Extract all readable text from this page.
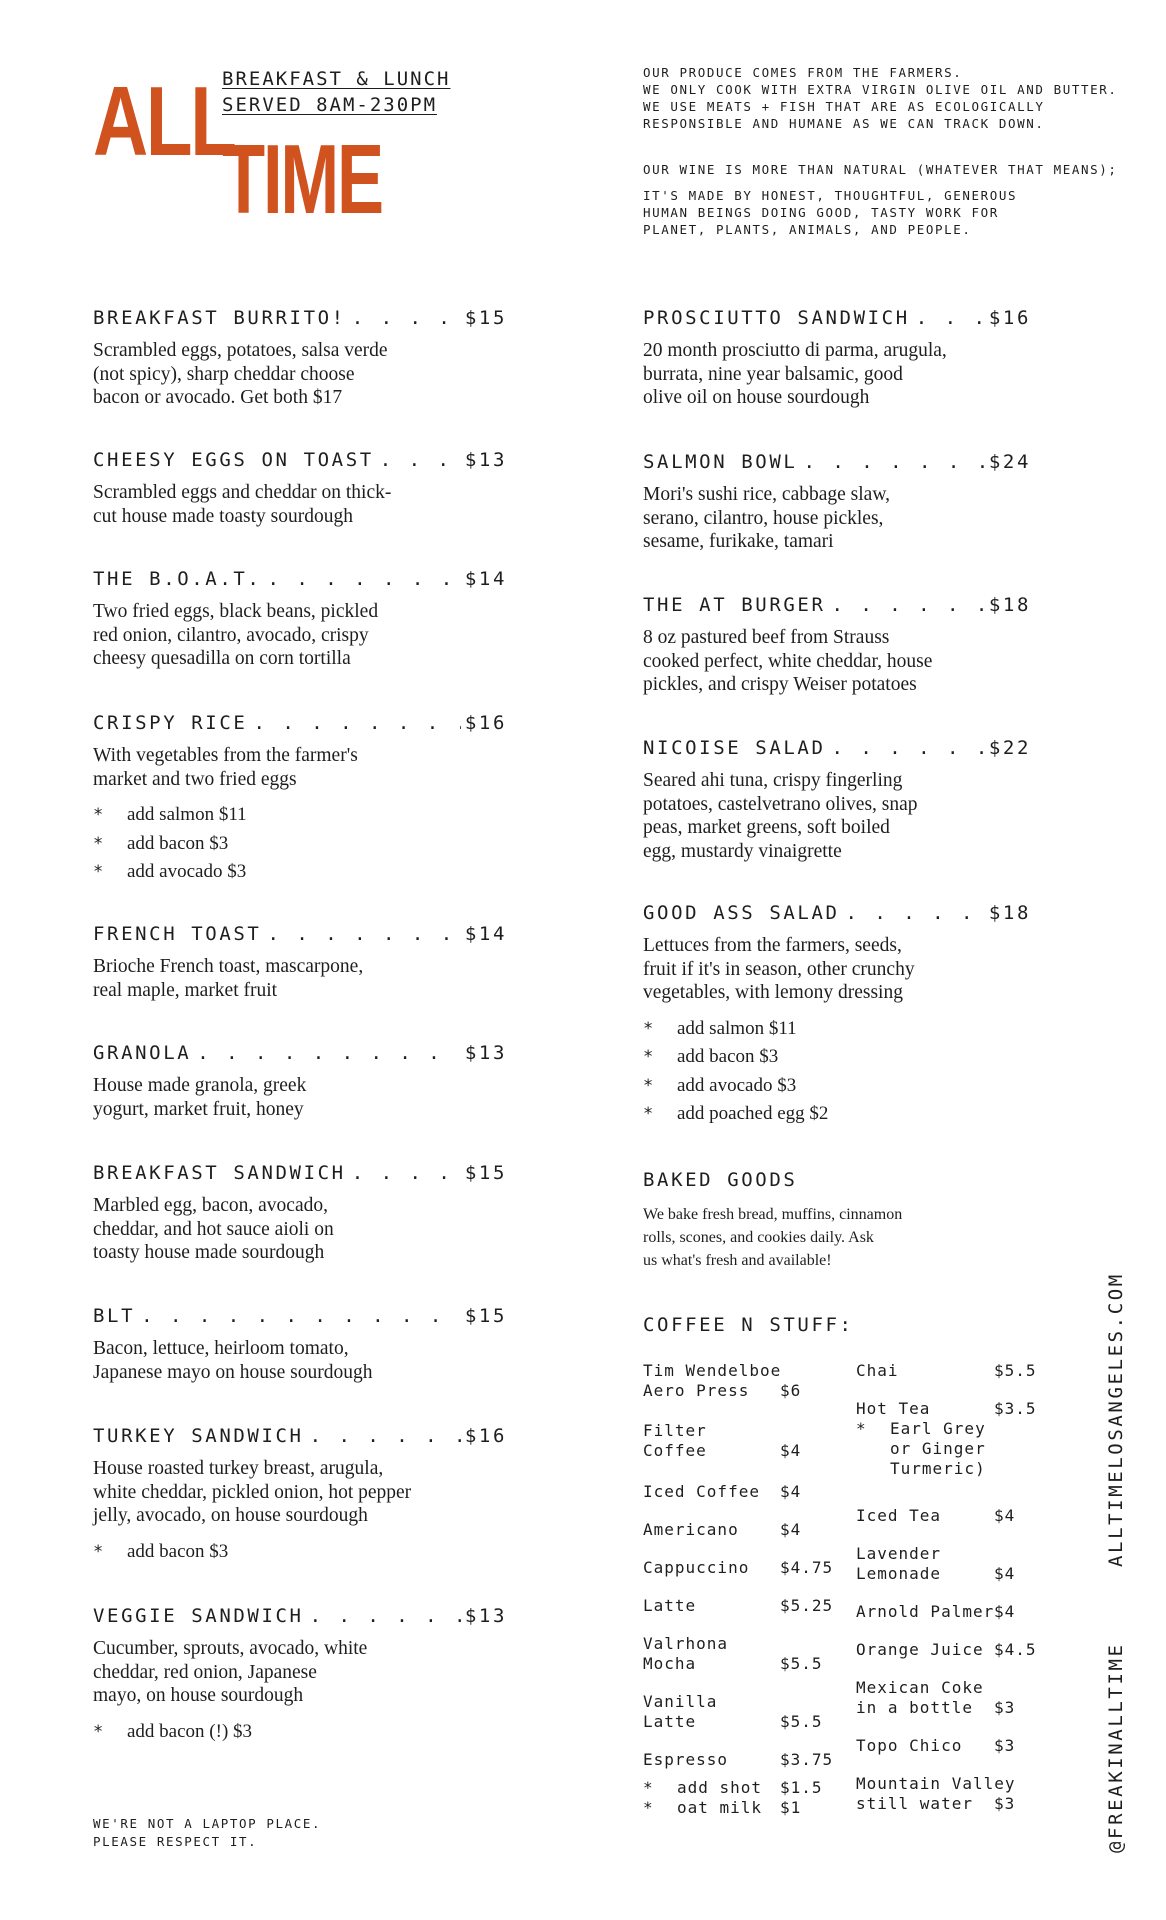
ALL
TIME
BREAKFAST & LUNCH
SERVED 8AM-230PM
OUR PRODUCE COMES FROM THE FARMERS.
WE ONLY COOK WITH EXTRA VIRGIN OLIVE OIL AND BUTTER.
WE USE MEATS + FISH THAT ARE AS ECOLOGICALLY
RESPONSIBLE AND HUMANE AS WE CAN TRACK DOWN.
OUR WINE IS MORE THAN NATURAL (WHATEVER THAT MEANS);
IT'S MADE BY HONEST, THOUGHTFUL, GENEROUS
HUMAN BEINGS DOING GOOD, TASTY WORK FOR
PLANET, PLANTS, ANIMALS, AND PEOPLE.
BREAKFAST BURRITO! . . .	$15
Scrambled eggs, potatoes, salsa verde
(not spicy), sharp cheddar choose
bacon or avocado. Get both $17
CHEESY EGGS ON TOAST . . .	$13
Scrambled eggs and cheddar on thick-
cut house made toasty sourdough
THE B.O.A.T. . . .	$14
Two fried eggs, black beans, pickled
red onion, cilantro, avocado, crispy
cheesy quesadilla on corn tortilla
CRISPY RICE . . .	$16
With vegetables from the farmer's
market and two fried eggs
* add salmon $11
* add bacon $3
* add avocado $3
FRENCH TOAST . . .	$14
Brioche French toast, mascarpone,
real maple, market fruit
GRANOLA . . .	$13
House made granola, greek
yogurt, market fruit, honey
BREAKFAST SANDWICH . . .	$15
Marbled egg, bacon, avocado,
cheddar, and hot sauce aioli on
toasty house made sourdough
BLT . . .	$15
Bacon, lettuce, heirloom tomato,
Japanese mayo on house sourdough
TURKEY SANDWICH . . .	$16
House roasted turkey breast, arugula,
white cheddar, pickled onion, hot pepper
jelly, avocado, on house sourdough
* add bacon $3
VEGGIE SANDWICH . . .	$13
Cucumber, sprouts, avocado, white
cheddar, red onion, Japanese
mayo, on house sourdough
* add bacon (!) $3
PROSCIUTTO SANDWICH . . .	$16
20 month prosciutto di parma, arugula,
burrata, nine year balsamic, good
olive oil on house sourdough
SALMON BOWL . . .	$24
Mori's sushi rice, cabbage slaw,
serano, cilantro, house pickles,
sesame, furikake, tamari
THE AT BURGER . . .	$18
8 oz pastured beef from Strauss
cooked perfect, white cheddar, house
pickles, and crispy Weiser potatoes
NICOISE SALAD . . .	$22
Seared ahi tuna, crispy fingerling
potatoes, castelvetrano olives, snap
peas, market greens, soft boiled
egg, mustardy vinaigrette
GOOD ASS SALAD . . .	$18
Lettuces from the farmers, seeds,
fruit if it's in season, other crunchy
vegetables, with lemony dressing
* add salmon $11
* add bacon $3
* add avocado $3
* add poached egg $2
BAKED GOODS
We bake fresh bread, muffins, cinnamon
rolls, scones, and cookies daily. Ask
us what's fresh and available!
COFFEE N STUFF:
Tim Wendelboe
Aero Press	$6
Filter
Coffee	$4
Iced Coffee	$4
Americano	$4
Cappuccino	$4.75
Latte	$5.25
Valrhona
Mocha	$5.5
Vanilla
Latte	$5.5
Espresso	$3.75
Chai	$5.5
Hot Tea	$3.5
Iced Tea	$4
Lavender
Lemonade	$4
Arnold Palmer $4
Orange Juice $4.5
Mexican Coke
in a bottle	$3
Topo Chico	$3
Mountain Valley
still water	$3
* add shot $1.5
* oat milk $1
* Earl Grey
or Ginger
Turmeric)
WE'RE NOT A LAPTOP PLACE.
PLEASE RESPECT IT.
ALLTIMELOSANGELES.COM
@FREAKINALLTIME
